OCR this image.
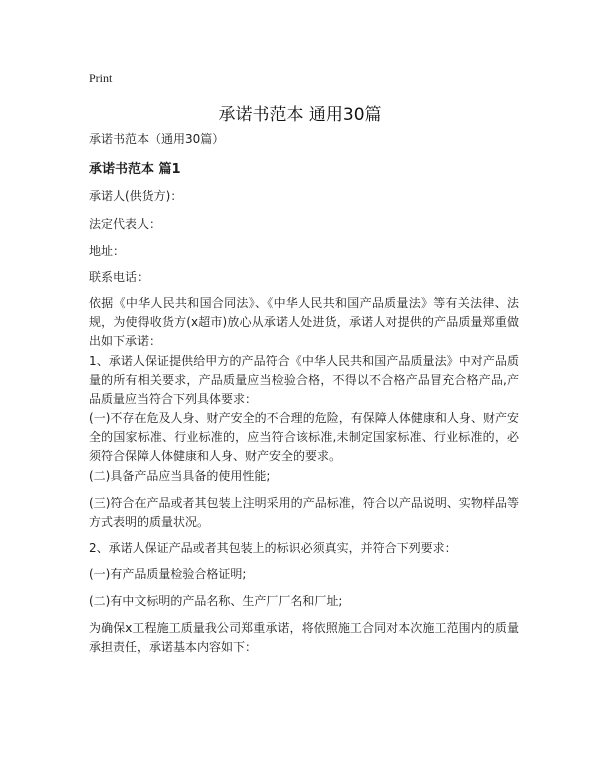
Print
承诺书范本 通用30篇
承诺书范本（通用30篇）
承诺书范本 篇1
承诺人(供货方)：
法定代表人：
地址：
联系电话：
依据《中华人民共和国合同法》、《中华人民共和国产品质量法》等有关法律、法规，为使得收货方(x超市)放心从承诺人处进货，承诺人对提供的产品质量郑重做出如下承诺：
1、承诺人保证提供给甲方的产品符合《中华人民共和国产品质量法》中对产品质量的所有相关要求，产品质量应当检验合格，不得以不合格产品冒充合格产品,产品质量应当符合下列具体要求：
(一)不存在危及人身、财产安全的不合理的危险，有保障人体健康和人身、财产安全的国家标准、行业标准的，应当符合该标准,未制定国家标准、行业标准的，必须符合保障人体健康和人身、财产安全的要求。
(二)具备产品应当具备的使用性能;
(三)符合在产品或者其包装上注明采用的产品标准，符合以产品说明、实物样品等方式表明的质量状况。
2、承诺人保证产品或者其包装上的标识必须真实，并符合下列要求：
(一)有产品质量检验合格证明;
(二)有中文标明的产品名称、生产厂厂名和厂址;
为确保x工程施工质量我公司郑重承诺，将依照施工合同对本次施工范围内的质量承担责任，承诺基本内容如下：
